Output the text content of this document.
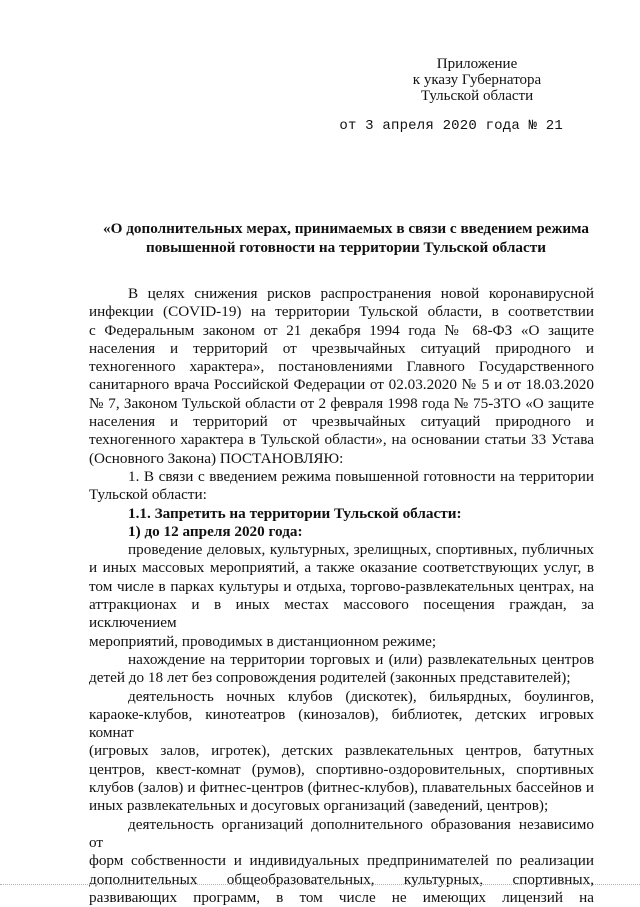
Приложение
к указу Губернатора
Тульской области
от 3 апреля 2020 года № 21
«О дополнительных мерах, принимаемых в связи с введением режима
повышенной готовности на территории Тульской области

В целях снижения рисков распространения новой коронавирусной

инфекции (COVID-19) на территории Тульской области, в соответствии

с Федеральным законом от 21 декабря 1994 года № 68-ФЗ «О защите

населения и территорий от чрезвычайных ситуаций природного и

техногенного характера», постановлениями Главного Государственного

санитарного врача Российской Федерации от 02.03.2020 № 5 и от 18.03.2020

№ 7, Законом Тульской области от 2 февраля 1998 года № 75-ЗТО «О защите

населения и территорий от чрезвычайных ситуаций природного и

техногенного характера в Тульской области», на основании статьи 33 Устава

(Основного Закона) ПОСТАНОВЛЯЮ:

1. В связи с введением режима повышенной готовности на территории

Тульской области:

1.1. Запретить на территории Тульской области:

1) до 12 апреля 2020 года:

проведение деловых, культурных, зрелищных, спортивных, публичных

и иных массовых мероприятий, а также оказание соответствующих услуг, в

том числе в парках культуры и отдыха, торгово-развлекательных центрах, на

аттракционах и в иных местах массового посещения граждан, за исключением

мероприятий, проводимых в дистанционном режиме;

нахождение на территории торговых и (или) развлекательных центров

детей до 18 лет без сопровождения родителей (законных представителей);

деятельность ночных клубов (дискотек), бильярдных, боулингов,

караоке-клубов, кинотеатров (кинозалов), библиотек, детских игровых комнат

(игровых залов, игротек), детских развлекательных центров, батутных

центров, квест-комнат (румов), спортивно-оздоровительных, спортивных

клубов (залов) и фитнес-центров (фитнес-клубов), плавательных бассейнов и

иных развлекательных и досуговых организаций (заведений, центров);

деятельность организаций дополнительного образования независимо от

форм собственности и индивидуальных предпринимателей по реализации

дополнительных общеобразовательных, культурных, спортивных,

развивающих программ, в том числе не имеющих лицензий на
